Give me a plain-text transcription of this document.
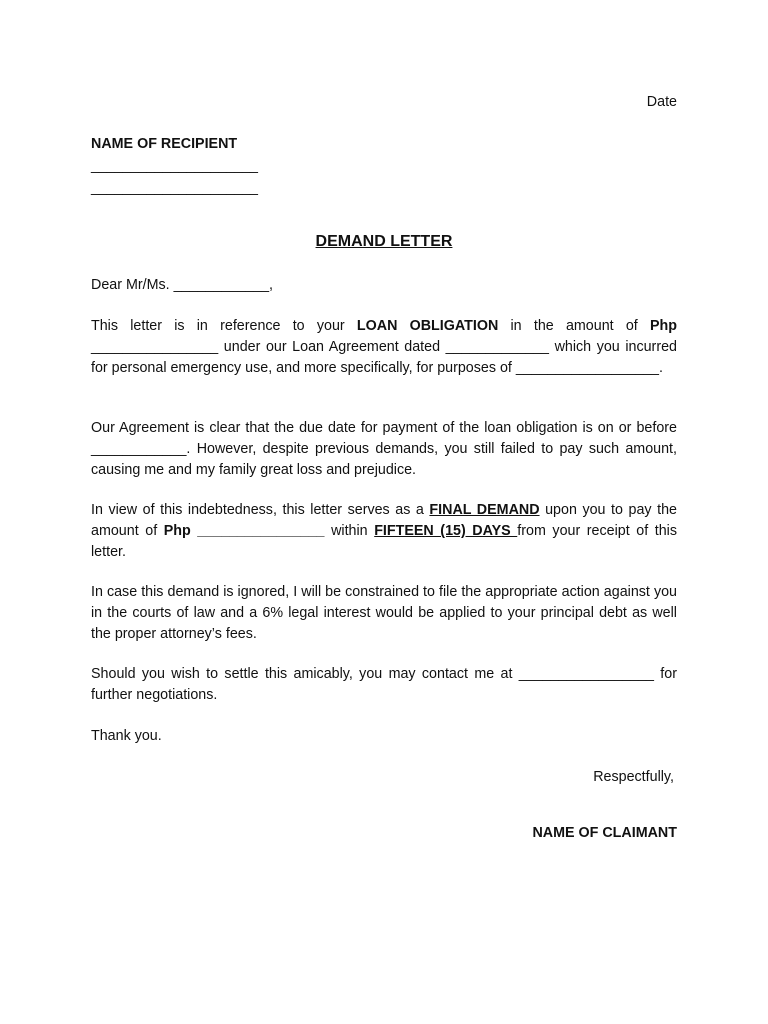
Date
NAME OF RECIPIENT
_____________________
_____________________
DEMAND LETTER
Dear Mr/Ms. ____________,
This letter is in reference to your LOAN OBLIGATION in the amount of Php ________________ under our Loan Agreement dated _____________ which you incurred for personal emergency use, and more specifically, for purposes of __________________.
Our Agreement is clear that the due date for payment of the loan obligation is on or before ____________. However, despite previous demands, you still failed to pay such amount, causing me and my family great loss and prejudice.
In view of this indebtedness, this letter serves as a FINAL DEMAND upon you to pay the amount of Php ________________ within FIFTEEN (15) DAYS from your receipt of this letter.
In case this demand is ignored, I will be constrained to file the appropriate action against you in the courts of law and a 6% legal interest would be applied to your principal debt as well the proper attorney’s fees.
Should you wish to settle this amicably, you may contact me at _________________ for further negotiations.
Thank you.
Respectfully,
NAME OF CLAIMANT
